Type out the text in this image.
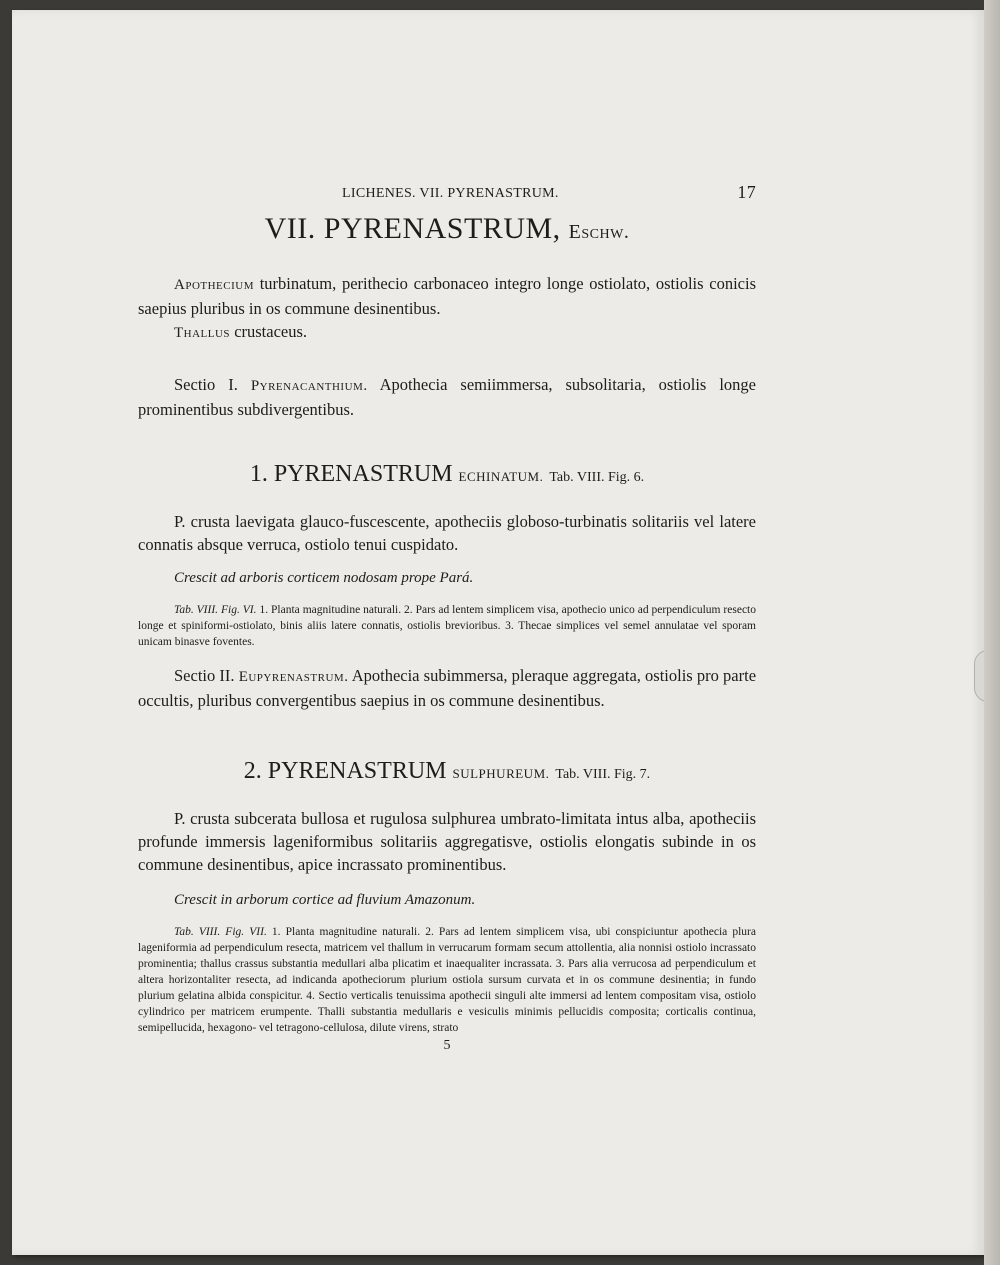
LICHENES. VII. PYRENASTRUM.	17
VII. PYRENASTRUM, Eschw.

Apothecium turbinatum, perithecio carbonaceo integro longe ostiolato, ostiolis conicis saepius pluribus in os commune desinentibus.

Thallus crustaceus.

Sectio I. Pyrenacanthium. Apothecia semiimmersa, subsolitaria, ostiolis longe prominentibus subdivergentibus.

1. PYRENASTRUM ECHINATUM. Tab. VIII. Fig. 6.

P. crusta laevigata glauco-fuscescente, apotheciis globoso-turbinatis solitariis vel latere connatis absque verruca, ostiolo tenui cuspidato.

Crescit ad arboris corticem nodosam prope Pará.

Tab. VIII. Fig. VI. 1. Planta magnitudine naturali. 2. Pars ad lentem simplicem visa, apothecio unico ad perpendiculum resecto longe et spiniformi-ostiolato, binis aliis latere connatis, ostiolis brevioribus. 3. Thecae simplices vel semel annulatae vel sporam unicam binasve foventes.

Sectio II. Eupyrenastrum. Apothecia subimmersa, pleraque aggregata, ostiolis pro parte occultis, pluribus convergentibus saepius in os commune desinentibus.

2. PYRENASTRUM SULPHUREUM. Tab. VIII. Fig. 7.

P. crusta subcerata bullosa et rugulosa sulphurea umbrato-limitata intus alba, apotheciis profunde immersis lageniformibus solitariis aggregatisve, ostiolis elongatis subinde in os commune desinentibus, apice incrassato prominentibus.

Crescit in arborum cortice ad fluvium Amazonum.

Tab. VIII. Fig. VII. 1. Planta magnitudine naturali. 2. Pars ad lentem simplicem visa, ubi conspiciuntur apothecia plura lageniformia ad perpendiculum resecta, matricem vel thallum in verrucarum formam secum attollentia, alia nonnisi ostiolo incrassato prominentia; thallus crassus substantia medullari alba plicatim et inaequaliter incrassata. 3. Pars alia verrucosa ad perpendiculum et altera horizontaliter resecta, ad indicanda apotheciorum plurium ostiola sursum curvata et in os commune desinentia; in fundo plurium gelatina albida conspicitur. 4. Sectio verticalis tenuissima apothecii singuli alte immersi ad lentem compositam visa, ostiolo cylindrico per matricem erumpente. Thalli substantia medullaris e vesiculis minimis pellucidis composita; corticalis continua, semipellucida, hexagono- vel tetragono-cellulosa, dilute virens, strato

5
